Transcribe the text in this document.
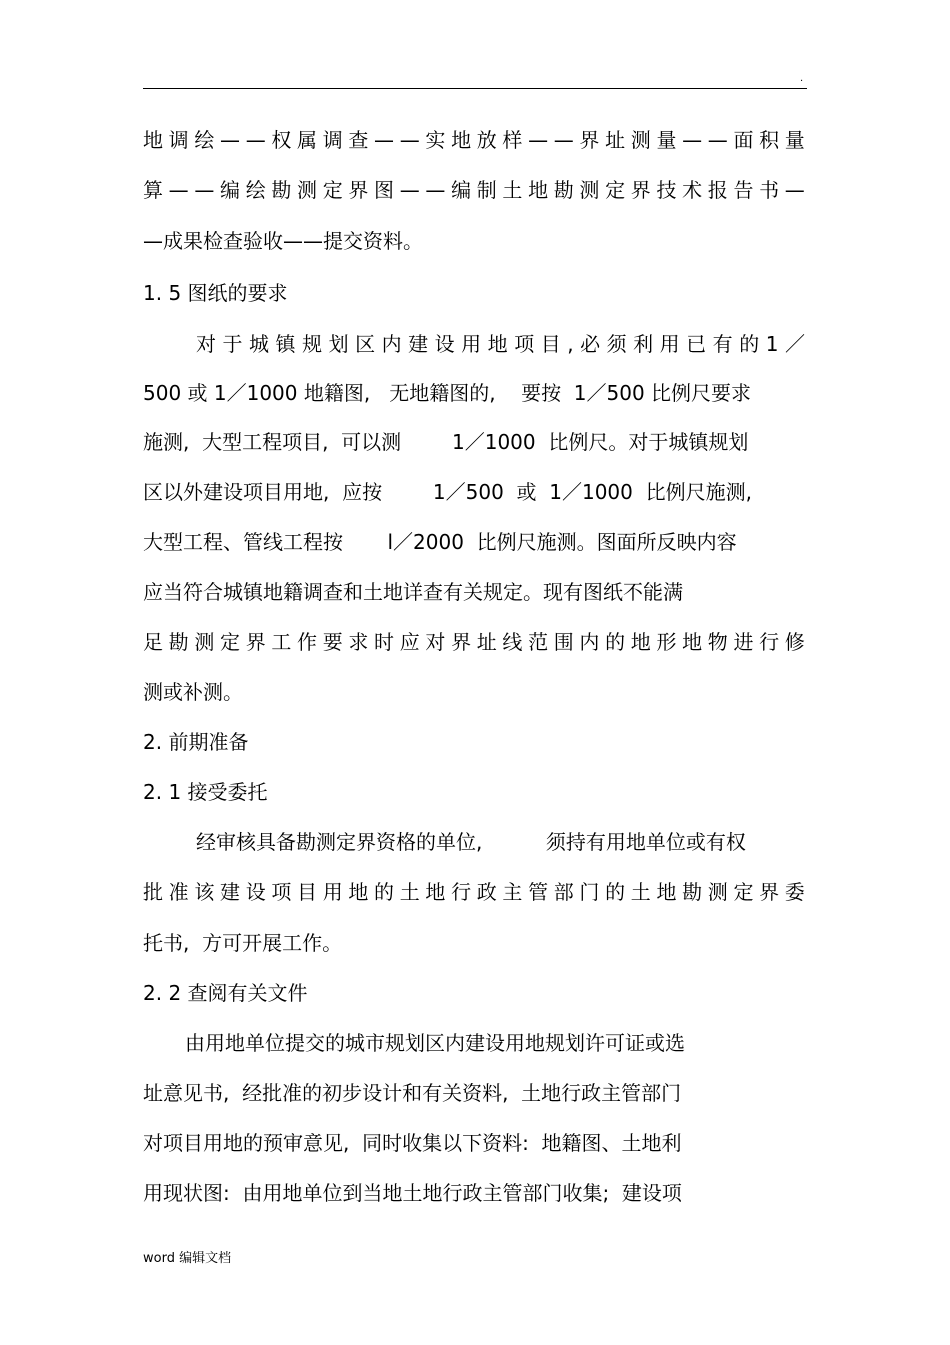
.
地 调 绘 — — 权 属 调 查 — — 实 地 放 样 — — 界 址 测 量 — — 面 积 量
算 — — 编 绘 勘 测 定 界 图 — — 编 制 土 地 勘 测 定 界 技 术 报 告 书 —
—成果检查验收——提交资料。
1. 5 图纸的要求
对 于 城 镇 规 划 区 内 建 设 用 地 项 目 , 必 须 利 用 已 有 的 1 ／
500 或 1／1000 地籍图,   无地籍图的,    要按  1／500 比例尺要求
施测,  大型工程项目,  可以测        1／1000  比例尺。对于城镇规划
区以外建设项目用地,  应按        1／500  或  1／1000  比例尺施测,
大型工程、管线工程按       l／2000  比例尺施测。图面所反映内容
应当符合城镇地籍调查和土地详查有关规定。现有图纸不能满
足 勘 测 定 界 工 作 要 求 时 应 对 界 址 线 范 围 内 的 地 形 地 物 进 行 修
测或补测。
2. 前期准备
2. 1 接受委托
经审核具备勘测定界资格的单位,          须持有用地单位或有权
批 准 该 建 设 项 目 用 地 的 土 地 行 政 主 管 部 门 的 土 地 勘 测 定 界 委
托书,  方可开展工作。
2. 2 查阅有关文件
由用地单位提交的城市规划区内建设用地规划许可证或选
址意见书,  经批准的初步设计和有关资料,  土地行政主管部门
对项目用地的预审意见,  同时收集以下资料:  地籍图、土地利
用现状图:  由用地单位到当地土地行政主管部门收集;  建设项
word 编辑文档
